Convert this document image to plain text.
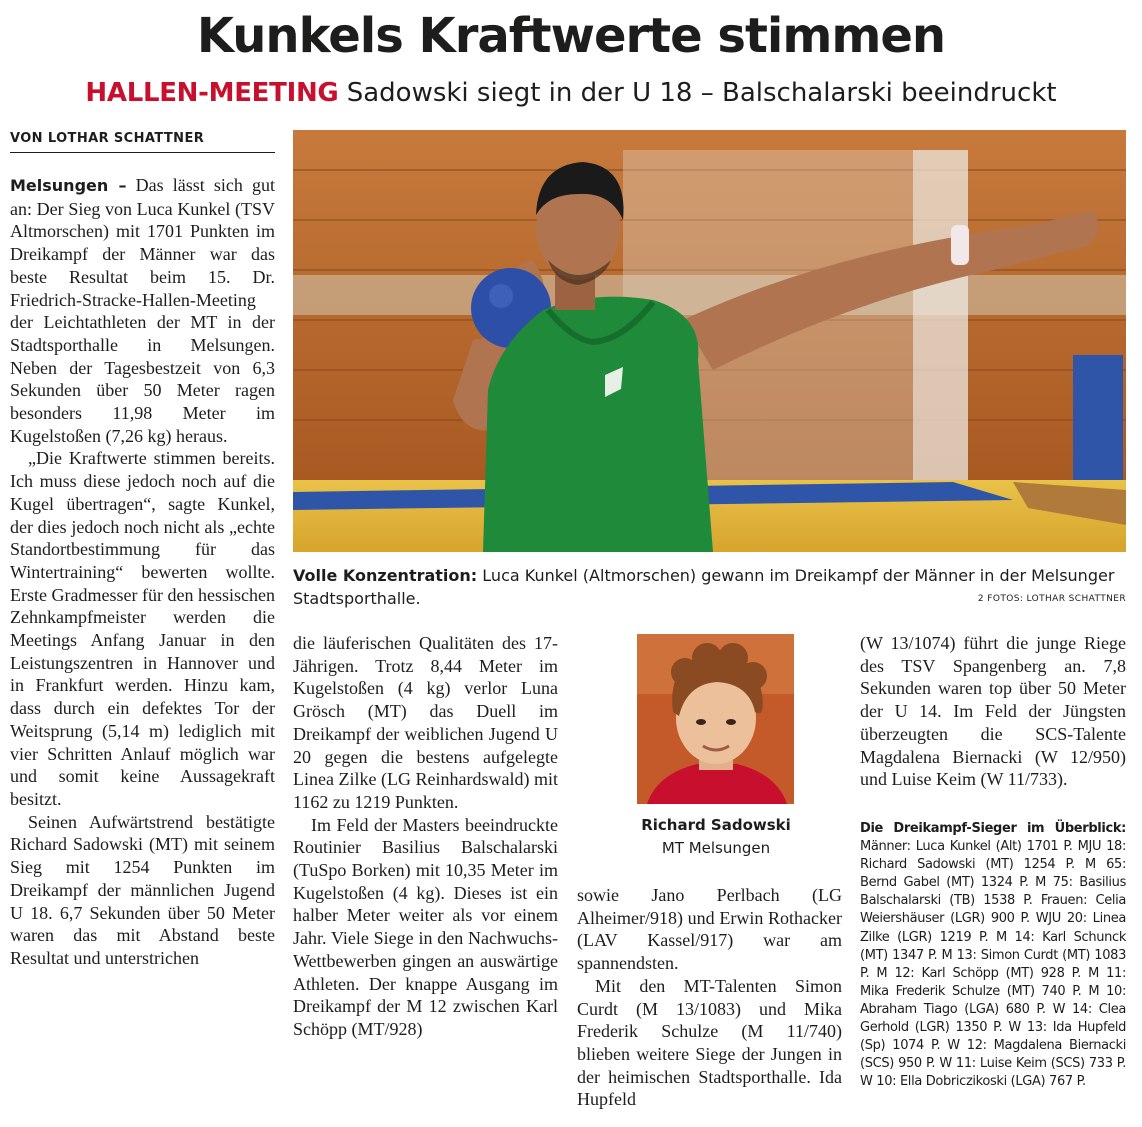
Kunkels Kraftwerte stimmen
HALLEN-MEETING Sadowski siegt in der U 18 – Balschalarski beeindruckt
VON LOTHAR SCHATTNER

Melsungen – Das lässt sich gut an: Der Sieg von Luca Kunkel (TSV Altmorschen) mit 1701 Punkten im Dreikampf der Männer war das beste Resultat beim 15. Dr. Friedrich-Stracke-Hallen-Meeting der Leichtathleten der MT in der Stadtsporthalle in Melsungen. Neben der Tagesbestzeit von 6,3 Sekunden über 50 Meter ragen besonders 11,98 Meter im Kugelstoßen (7,26 kg) heraus.

„Die Kraftwerte stimmen bereits. Ich muss diese jedoch noch auf die Kugel übertragen“, sagte Kunkel, der dies jedoch noch nicht als „echte Standortbestimmung für das Wintertraining“ bewerten wollte. Erste Gradmesser für den hessischen Zehnkampfmeister werden die Meetings Anfang Januar in den Leistungszentren in Hannover und in Frankfurt werden. Hinzu kam, dass durch ein defektes Tor der Weitsprung (5,14 m) lediglich mit vier Schritten Anlauf möglich war und somit keine Aussagekraft besitzt.

Seinen Aufwärtstrend bestätigte Richard Sadowski (MT) mit seinem Sieg mit 1254 Punkten im Dreikampf der männlichen Jugend U 18. 6,7 Sekunden über 50 Meter waren das mit Abstand beste Resultat und unterstrichen

Volle Konzentration: Luca Kunkel (Altmorschen) gewann im Dreikampf der Männer in der Melsunger Stadtsporthalle.	2 FOTOS: LOTHAR SCHATTNER

die läuferischen Qualitäten des 17-Jährigen. Trotz 8,44 Meter im Kugelstoßen (4 kg) verlor Luna Grösch (MT) das Duell im Dreikampf der weiblichen Jugend U 20 gegen die bestens aufgelegte Linea Zilke (LG Reinhardswald) mit 1162 zu 1219 Punkten.

Im Feld der Masters beeindruckte Routinier Basilius Balschalarski (TuSpo Borken) mit 10,35 Meter im Kugelstoßen (4 kg). Dieses ist ein halber Meter weiter als vor einem Jahr. Viele Siege in den Nachwuchs-Wettbewerben gingen an auswärtige Athleten. Der knappe Ausgang im Dreikampf der M 12 zwischen Karl Schöpp (MT/928)

Richard Sadowski
MT Melsungen

sowie Jano Perlbach (LG Alheimer/918) und Erwin Rothacker (LAV Kassel/917) war am spannendsten.

Mit den MT-Talenten Simon Curdt (M 13/1083) und Mika Frederik Schulze (M 11/740) blieben weitere Siege der Jungen in der heimischen Stadtsporthalle. Ida Hupfeld

(W 13/1074) führt die junge Riege des TSV Spangenberg an. 7,8 Sekunden waren top über 50 Meter der U 14. Im Feld der Jüngsten überzeugten die SCS-Talente Magdalena Biernacki (W 12/950) und Luise Keim (W 11/733).

Die Dreikampf-Sieger im Überblick: Männer: Luca Kunkel (Alt) 1701 P. MJU 18: Richard Sadowski (MT) 1254 P. M 65: Bernd Gabel (MT) 1324 P. M 75: Basilius Balschalarski (TB) 1538 P. Frauen: Celia Weiershäuser (LGR) 900 P. WJU 20: Linea Zilke (LGR) 1219 P. M 14: Karl Schunck (MT) 1347 P. M 13: Simon Curdt (MT) 1083 P. M 12: Karl Schöpp (MT) 928 P. M 11: Mika Frederik Schulze (MT) 740 P. M 10: Abraham Tiago (LGA) 680 P. W 14: Clea Gerhold (LGR) 1350 P. W 13: Ida Hupfeld (Sp) 1074 P. W 12: Magdalena Biernacki (SCS) 950 P. W 11: Luise Keim (SCS) 733 P. W 10: Ella Dobriczikoski (LGA) 767 P.
